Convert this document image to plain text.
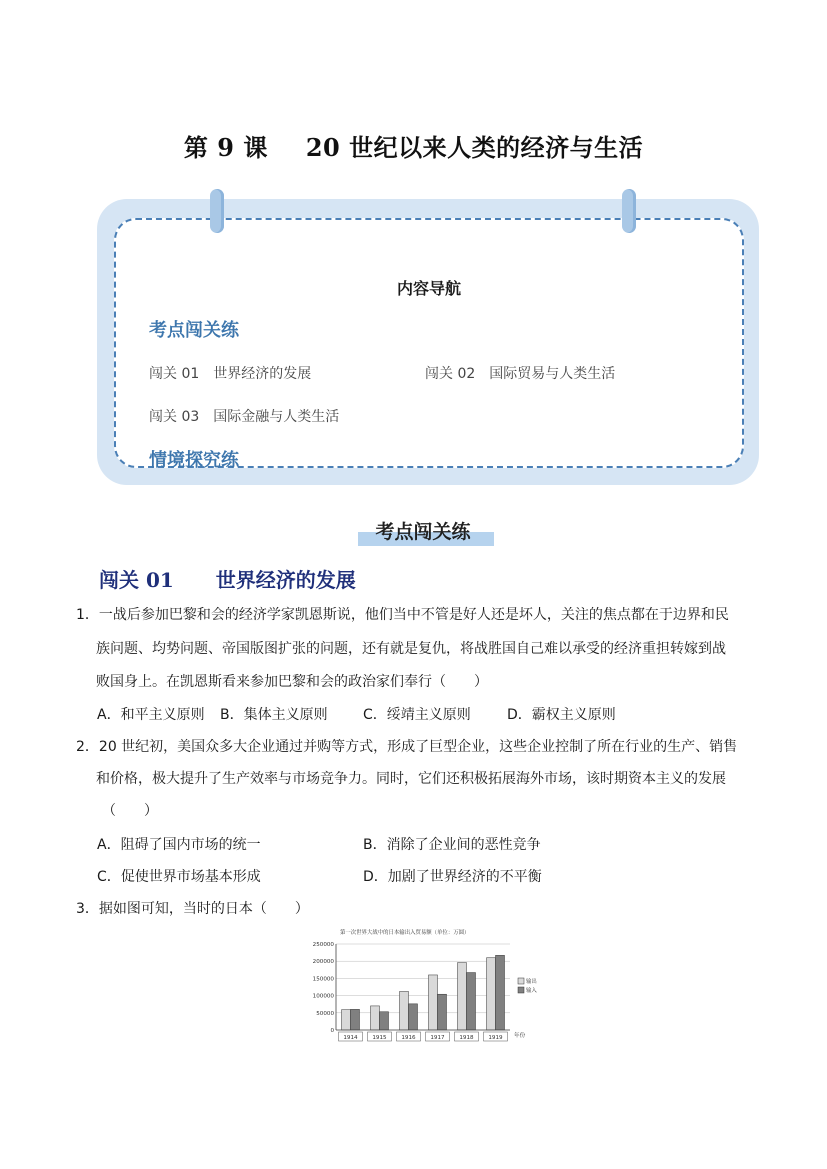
第 9 课 20 世纪以来人类的经济与生活
内容导航
考点闯关练
闯关 01 世界经济的发展	闯关 02 国际贸易与人类生活
闯关 03 国际金融与人类生活
情境探究练
考点闯关练
闯关 01 世界经济的发展
1．一战后参加巴黎和会的经济学家凯恩斯说，他们当中不管是好人还是坏人，关注的焦点都在于边界和民
族问题、均势问题、帝国版图扩张的问题，还有就是复仇，将战胜国自己难以承受的经济重担转嫁到战
败国身上。在凯恩斯看来参加巴黎和会的政治家们奉行（　　）
A．和平主义原则 B．集体主义原则	C．绥靖主义原则	D．霸权主义原则
2．20 世纪初，美国众多大企业通过并购等方式，形成了巨型企业，这些企业控制了所在行业的生产、销售
和价格，极大提升了生产效率与市场竞争力。同时，它们还积极拓展海外市场，该时期资本主义的发展
（　　）
A．阻碍了国内市场的统一	B．消除了企业间的恶性竞争
C．促使世界市场基本形成	D．加剧了世界经济的不平衡
3．据如图可知，当时的日本（　　）
第一次世界大战中的日本输出入贸易额（单位：万圆）
250000
200000
150000
100000
50000
0
1914	1915	1916	1917	1918	1919
输出
输入
年份
